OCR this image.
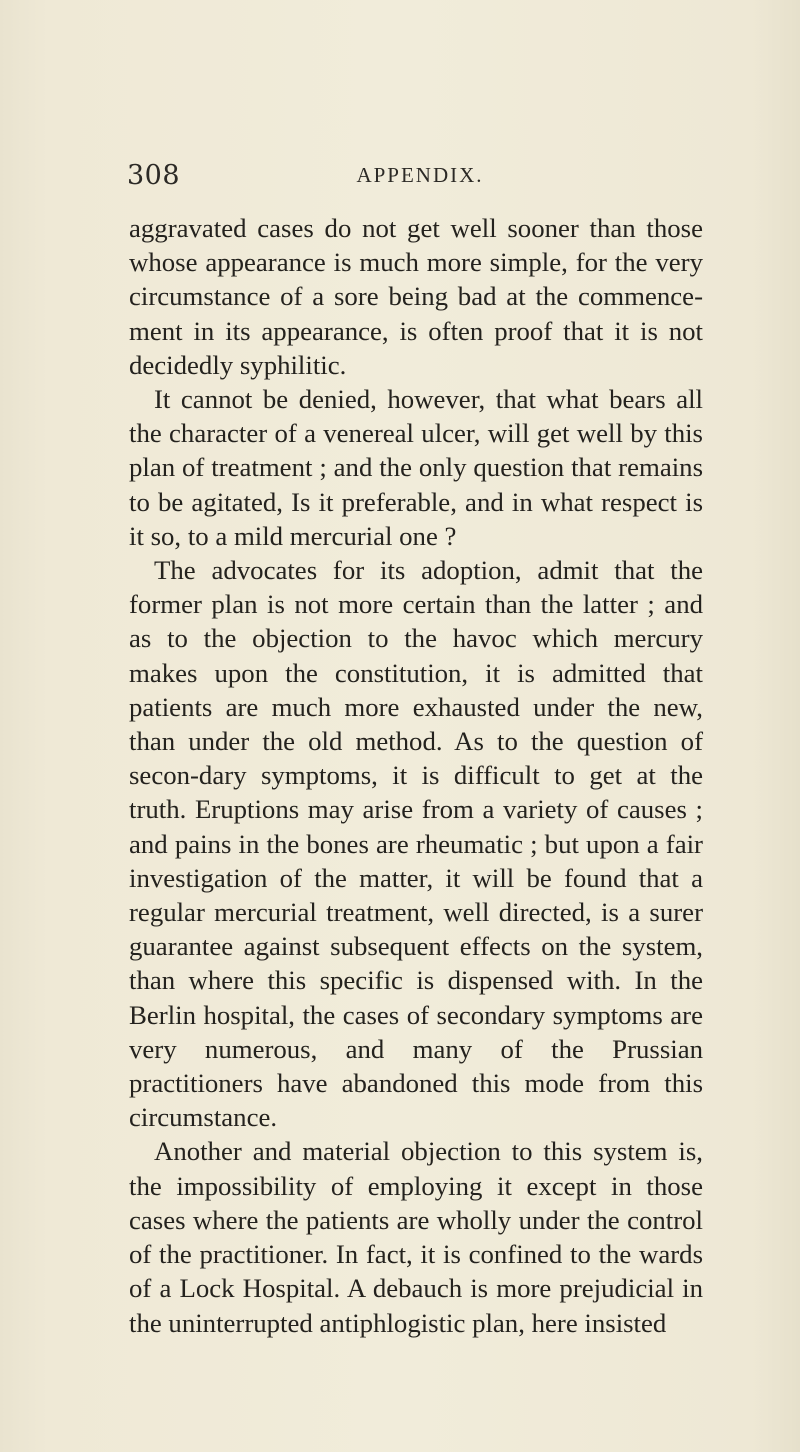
308	APPENDIX.

aggravated cases do not get well sooner than those whose appearance is much more simple, for the very circumstance of a sore being bad at the commence-ment in its appearance, is often proof that it is not decidedly syphilitic.

It cannot be denied, however, that what bears all the character of a venereal ulcer, will get well by this plan of treatment ; and the only question that remains to be agitated, Is it preferable, and in what respect is it so, to a mild mercurial one ?

The advocates for its adoption, admit that the former plan is not more certain than the latter ; and as to the objection to the havoc which mercury makes upon the constitution, it is admitted that patients are much more exhausted under the new, than under the old method. As to the question of secon-dary symptoms, it is difficult to get at the truth. Eruptions may arise from a variety of causes ; and pains in the bones are rheumatic ; but upon a fair investigation of the matter, it will be found that a regular mercurial treatment, well directed, is a surer guarantee against subsequent effects on the system, than where this specific is dispensed with. In the Berlin hospital, the cases of secondary symptoms are very numerous, and many of the Prussian practitioners have abandoned this mode from this circumstance.

Another and material objection to this system is, the impossibility of employing it except in those cases where the patients are wholly under the control of the practitioner. In fact, it is confined to the wards of a Lock Hospital. A debauch is more prejudicial in the uninterrupted antiphlogistic plan, here insisted
